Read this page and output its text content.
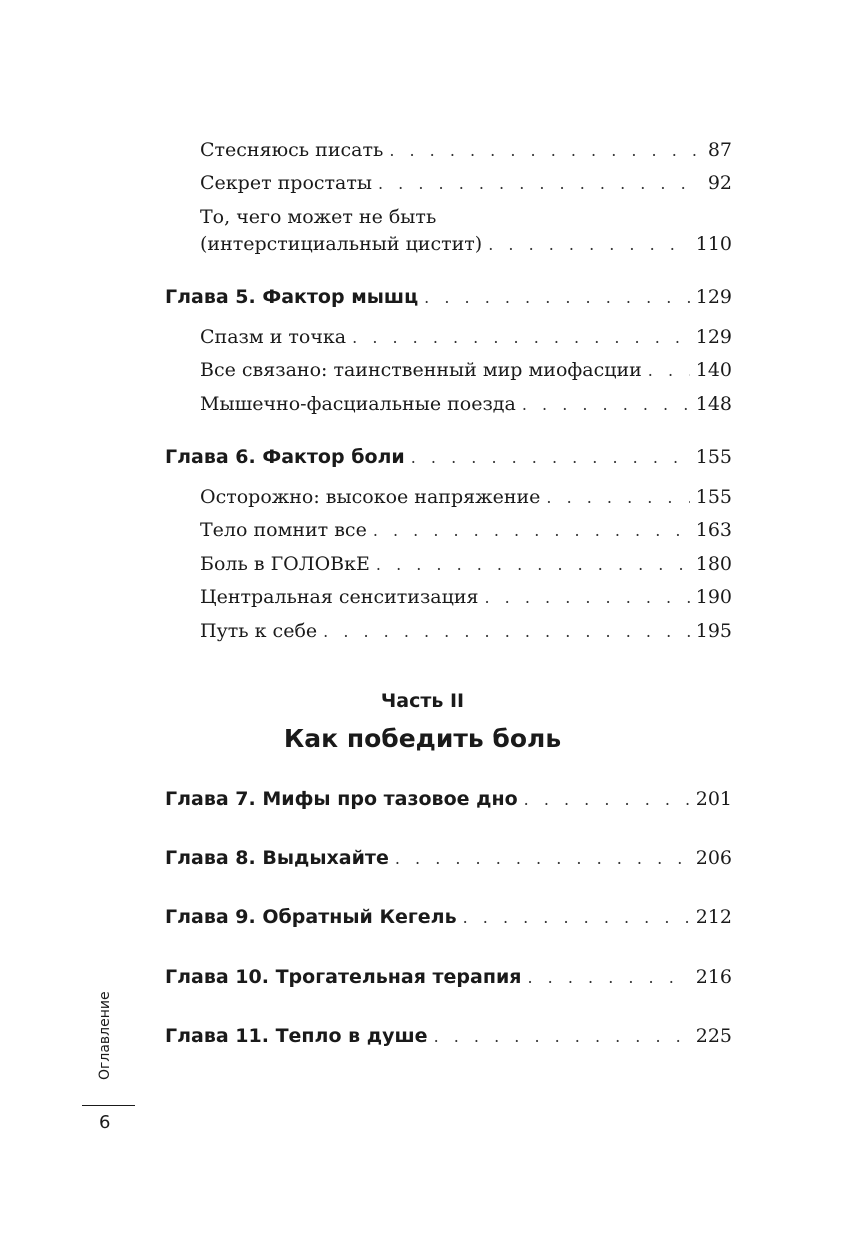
Стесняюсь писать . . .	87
Секрет простаты . . .	92
То, чего может не быть
(интерстициальный цистит) . . .	110
Глава 5. Фактор мышц . . .	129
Спазм и точка . . .	129
Все связано: таинственный мир миофасции . . .	140
Мышечно-фасциальные поезда . . .	148
Глава 6. Фактор боли . . .	155
Осторожно: высокое напряжение . . .	155
Тело помнит все . . .	163
Боль в ГОЛОВкЕ . . .	180
Центральная сенситизация . . .	190
Путь к себе . . .	195
Часть II
Как победить боль
Глава 7. Мифы про тазовое дно . . .	201
Глава 8. Выдыхайте . . .	206
Глава 9. Обратный Кегель . . .	212
Глава 10. Трогательная терапия . . .	216
Глава 11. Тепло в душе . . .	225
Оглавление
6
